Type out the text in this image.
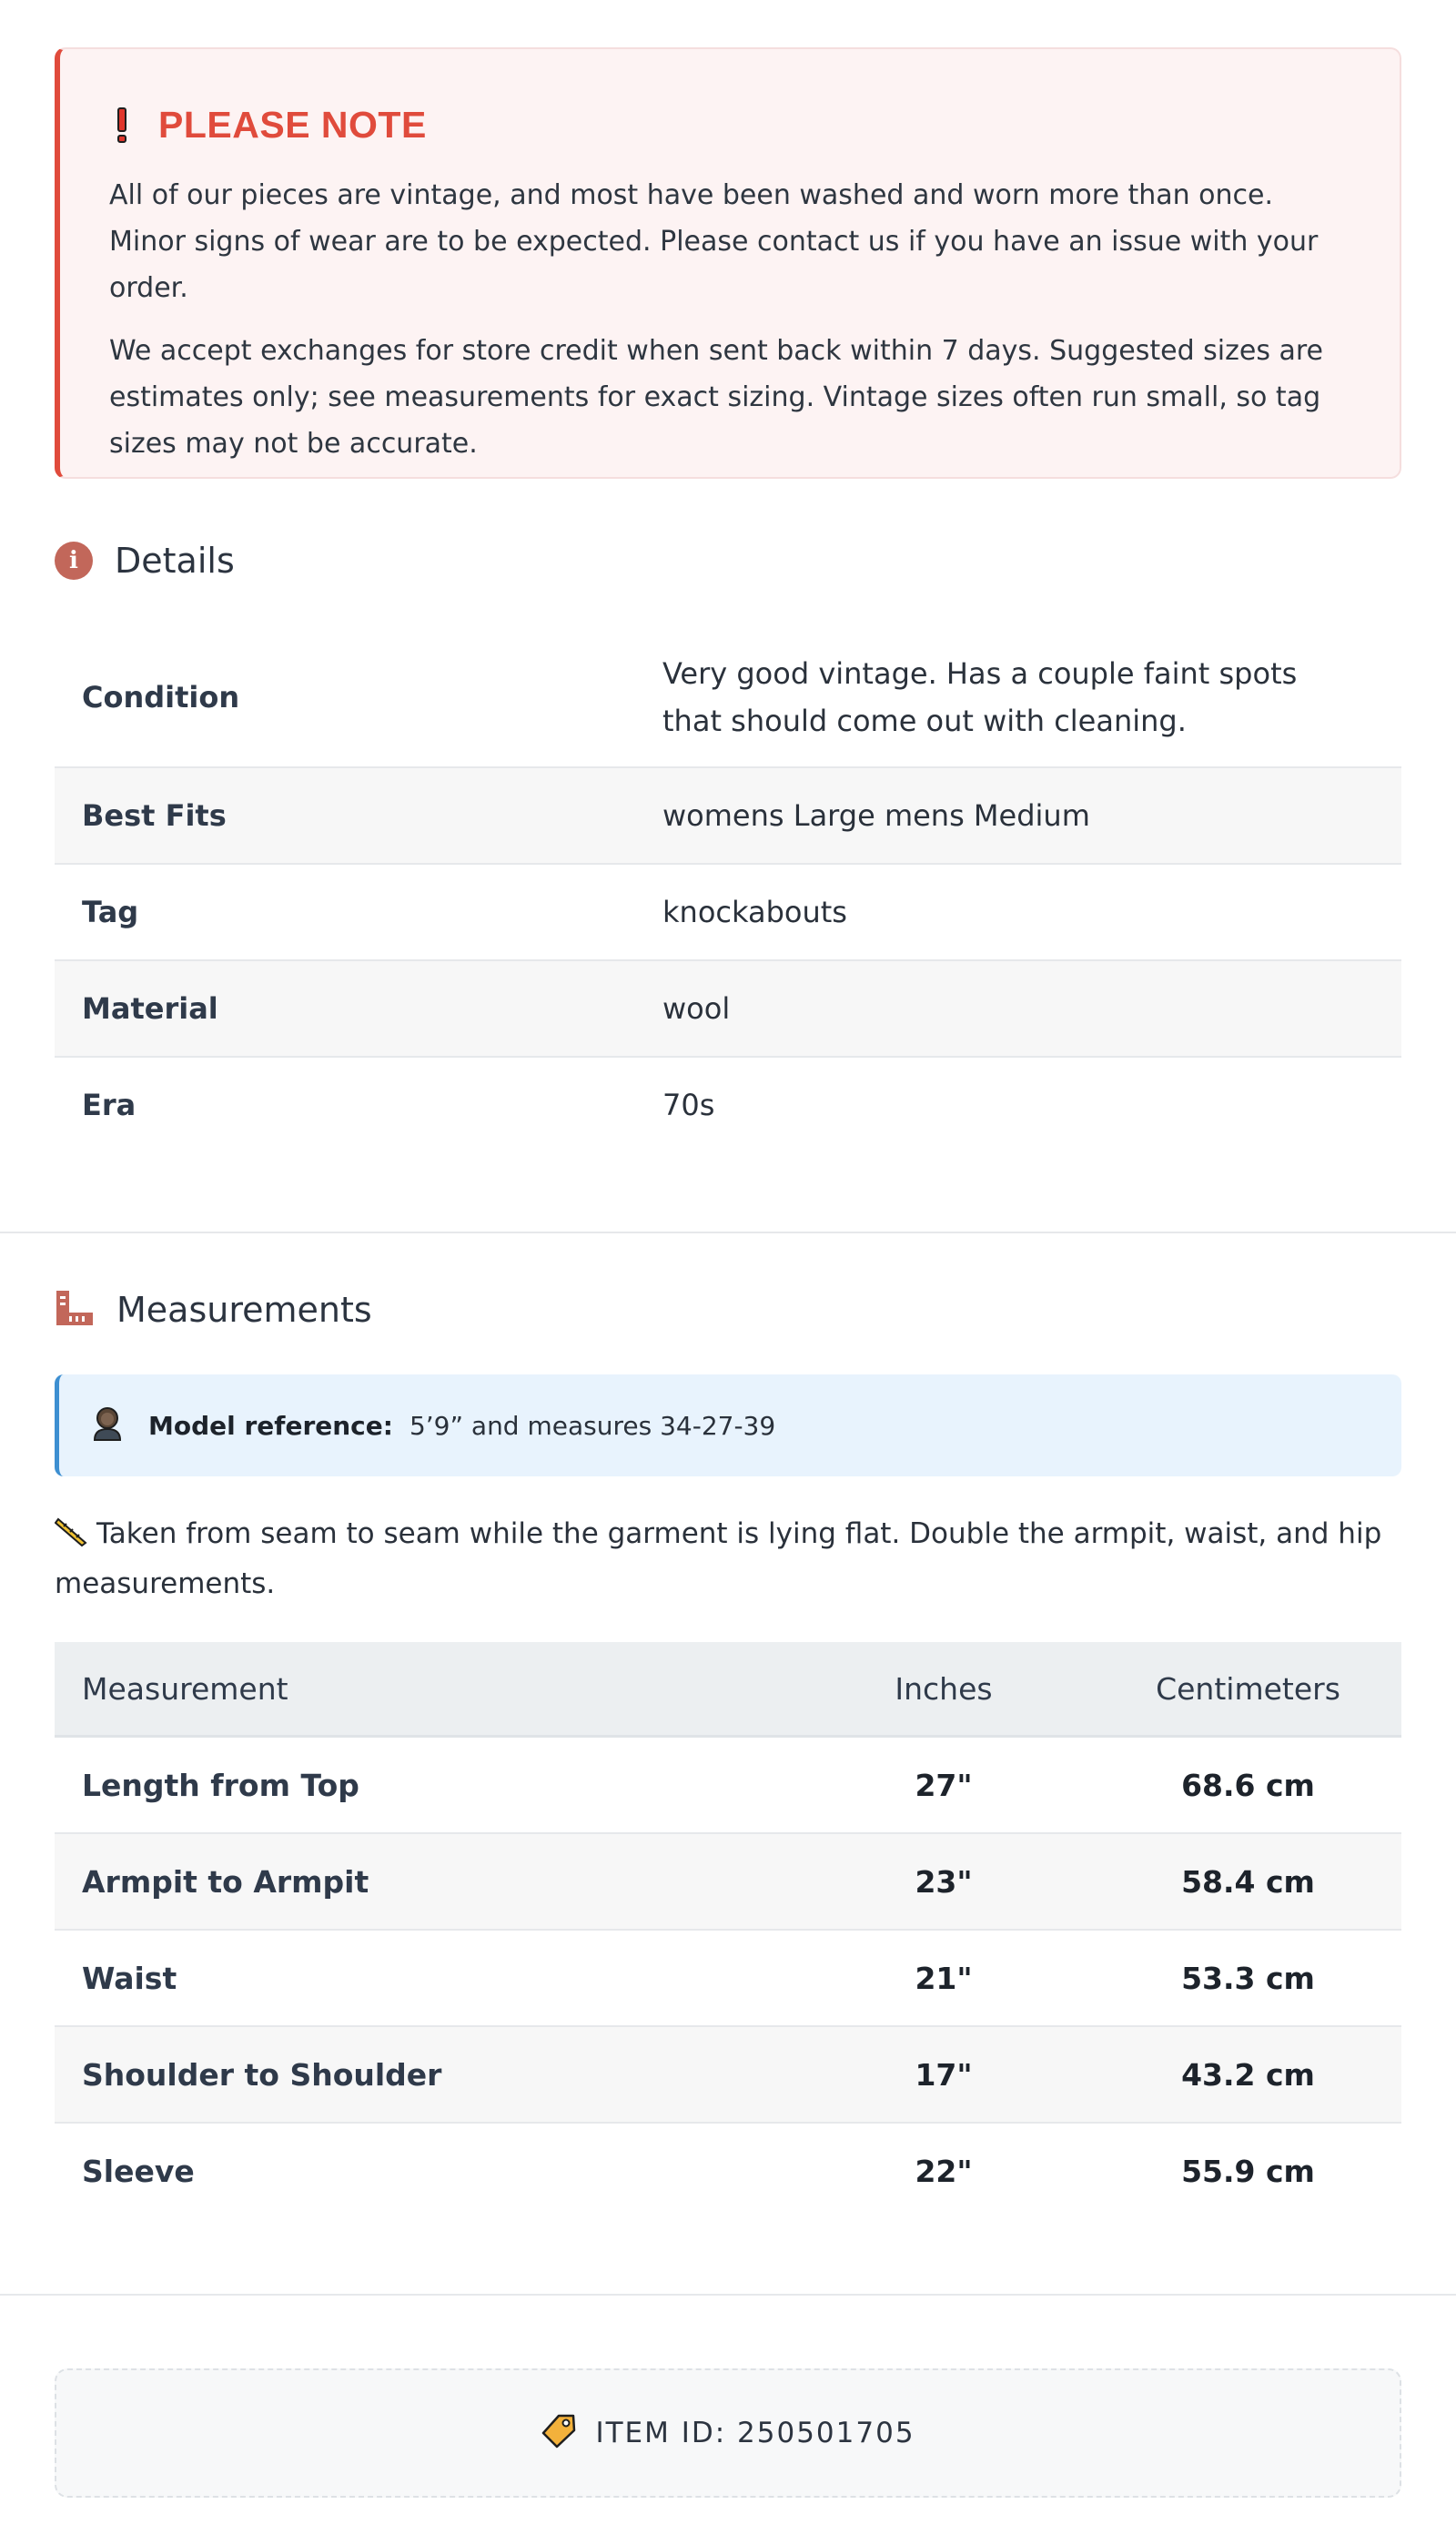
PLEASE NOTE

All of our pieces are vintage, and most have been washed and worn more than once. Minor signs of wear are to be expected. Please contact us if you have an issue with your order.

We accept exchanges for store credit when sent back within 7 days. Suggested sizes are estimates only; see measurements for exact sizing. Vintage sizes often run small, so tag sizes may not be accurate.

i	Details
Condition	Very good vintage. Has a couple faint spots that should come out with cleaning.
Best Fits	womens Large mens Medium
Tag	knockabouts
Material	wool
Era	70s
Measurements
Model reference: 5’9” and measures 34-27-39
Taken from seam to seam while the garment is lying flat. Double the armpit, waist, and hip measurements.
Measurement	Inches	Centimeters
Length from Top	27"	68.6 cm
Armpit to Armpit	23"	58.4 cm
Waist	21"	53.3 cm
Shoulder to Shoulder	17"	43.2 cm
Sleeve	22"	55.9 cm
ITEM ID: 250501705
